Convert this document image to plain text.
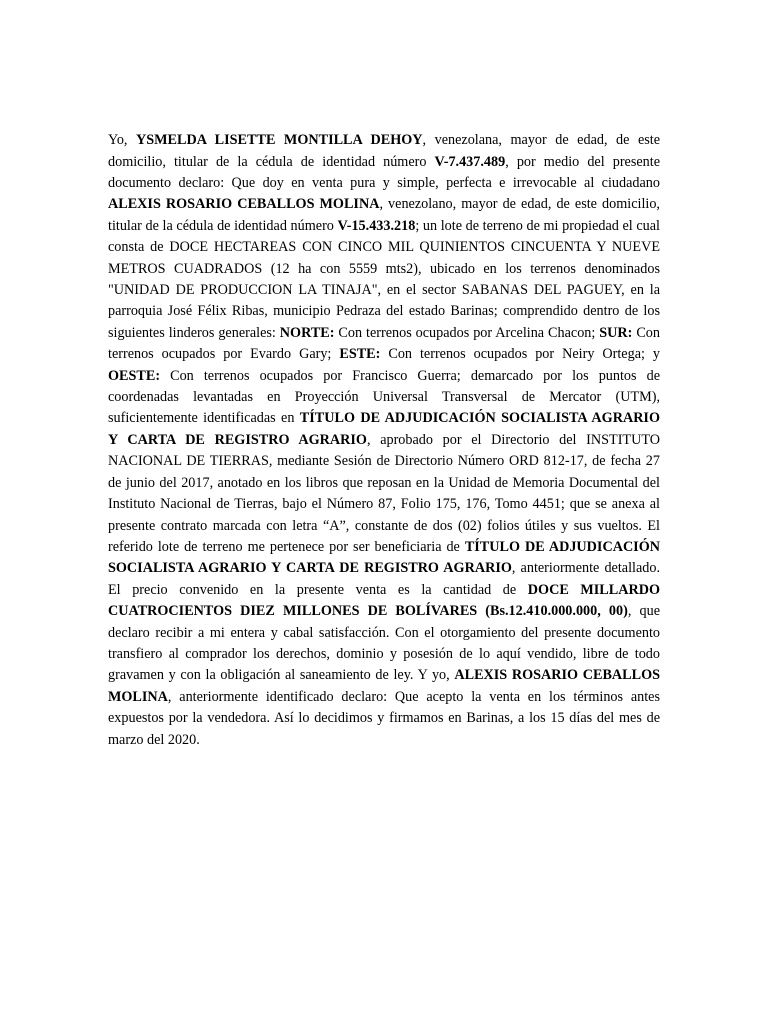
Yo, YSMELDA LISETTE MONTILLA DEHOY, venezolana, mayor de edad, de este domicilio, titular de la cédula de identidad número V-7.437.489, por medio del presente documento declaro: Que doy en venta pura y simple, perfecta e irrevocable al ciudadano ALEXIS ROSARIO CEBALLOS MOLINA, venezolano, mayor de edad, de este domicilio, titular de la cédula de identidad número V-15.433.218; un lote de terreno de mi propiedad el cual consta de DOCE HECTAREAS CON CINCO MIL QUINIENTOS CINCUENTA Y NUEVE METROS CUADRADOS (12 ha con 5559 mts2), ubicado en los terrenos denominados "UNIDAD DE PRODUCCION LA TINAJA", en el sector SABANAS DEL PAGUEY, en la parroquia José Félix Ribas, municipio Pedraza del estado Barinas; comprendido dentro de los siguientes linderos generales: NORTE: Con terrenos ocupados por Arcelina Chacon; SUR: Con terrenos ocupados por Evardo Gary; ESTE: Con terrenos ocupados por Neiry Ortega; y OESTE: Con terrenos ocupados por Francisco Guerra; demarcado por los puntos de coordenadas levantadas en Proyección Universal Transversal de Mercator (UTM), suficientemente identificadas en TÍTULO DE ADJUDICACIÓN SOCIALISTA AGRARIO Y CARTA DE REGISTRO AGRARIO, aprobado por el Directorio del INSTITUTO NACIONAL DE TIERRAS, mediante Sesión de Directorio Número ORD 812-17, de fecha 27 de junio del 2017, anotado en los libros que reposan en la Unidad de Memoria Documental del Instituto Nacional de Tierras, bajo el Número 87, Folio 175, 176, Tomo 4451; que se anexa al presente contrato marcada con letra “A”, constante de dos (02) folios útiles y sus vueltos. El referido lote de terreno me pertenece por ser beneficiaria de TÍTULO DE ADJUDICACIÓN SOCIALISTA AGRARIO Y CARTA DE REGISTRO AGRARIO, anteriormente detallado. El precio convenido en la presente venta es la cantidad de DOCE MILLARDO CUATROCIENTOS DIEZ MILLONES DE BOLÍVARES (Bs.12.410.000.000, 00), que declaro recibir a mi entera y cabal satisfacción. Con el otorgamiento del presente documento transfiero al comprador los derechos, dominio y posesión de lo aquí vendido, libre de todo gravamen y con la obligación al saneamiento de ley. Y yo, ALEXIS ROSARIO CEBALLOS MOLINA, anteriormente identificado declaro: Que acepto la venta en los términos antes expuestos por la vendedora. Así lo decidimos y firmamos en Barinas, a los 15 días del mes de marzo del 2020.
